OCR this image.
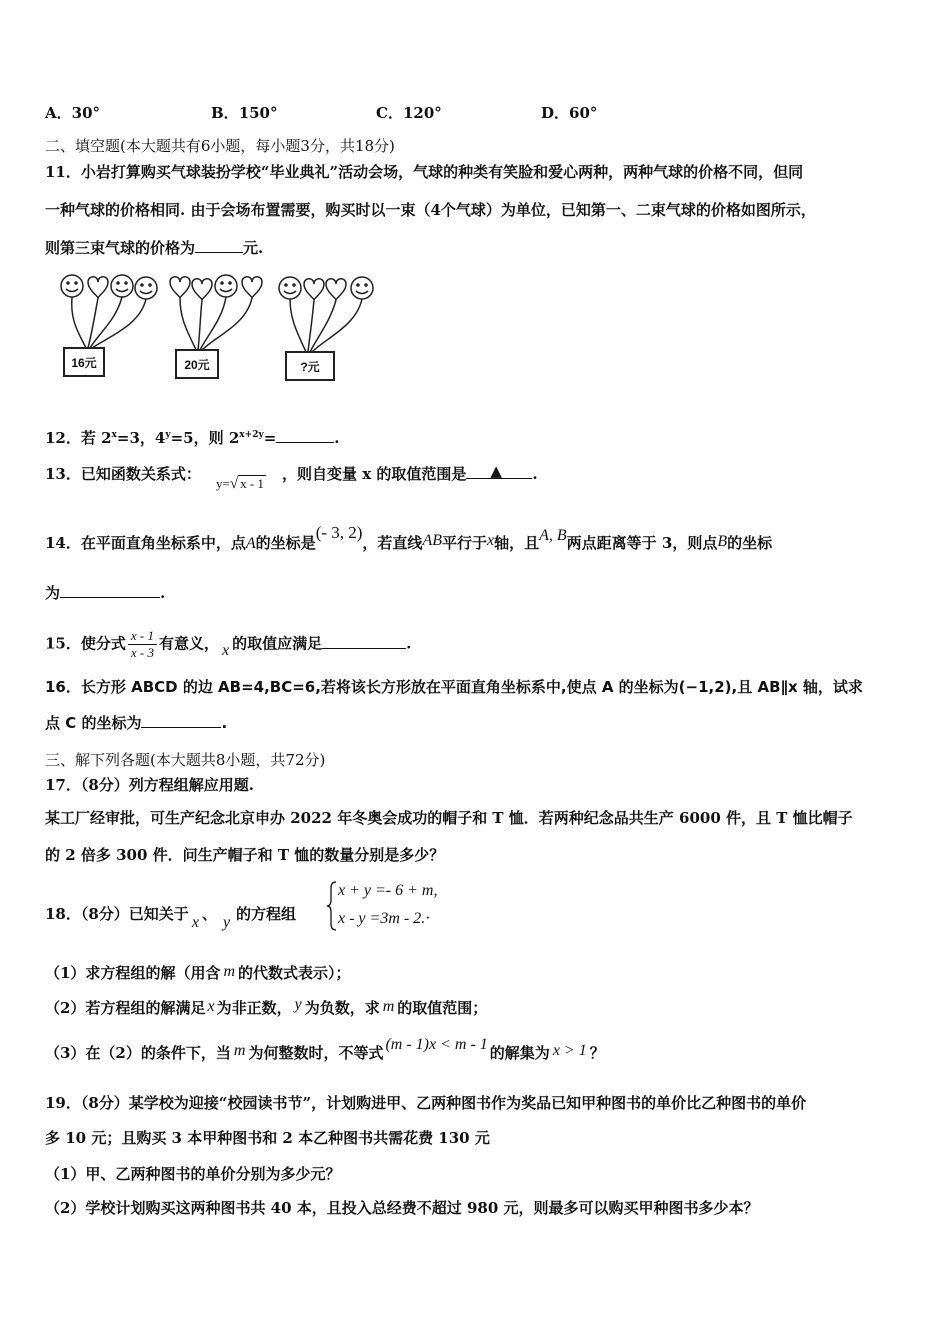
A．30°	B．150°	C．120°	D．60°
二、填空题(本大题共有6小题，每小题3分，共18分)
11．小岩打算购买气球装扮学校“毕业典礼”活动会场，气球的种类有笑脸和爱心两种，两种气球的价格不同，但同
一种气球的价格相同. 由于会场布置需要，购买时以一束（4个气球）为单位，已知第一、二束气球的价格如图所示，
则第三束气球的价格为	元.
16元	20元	?元
12．若 $2^x=3$，$4^y=5$，则 $2^{x+2y}=$	.
13．已知函数关系式：
y=√ x - 1
，则自变量 x 的取值范围是 ▲ .
14．在平面直角坐标系中，点A的坐标是(- 3, 2)，若直线AB平行于x轴，且A, B两点距离等于 3，则点B的坐标
为	.
15．使分式 $\frac{x - 1}{x - 3}$ 有意义， x 的取值应满足	.
16．长方形 ABCD 的边 AB=4,BC=6,若将该长方形放在平面直角坐标系中,使点 A 的坐标为(−1,2),且 AB∥x 轴，试求
点 C 的坐标为	.
三、解下列各题(本大题共8小题，共72分)
17．（8分）列方程组解应用题.
某工厂经审批，可生产纪念北京申办 2022 年冬奥会成功的帽子和 T 恤．若两种纪念品共生产 6000 件，且 T 恤比帽子
的 2 倍多 300 件．问生产帽子和 T 恤的数量分别是多少？
18．（8分）已知关于 x 、 y 的方程组
x + y =- 6 + m,
x - y =3m - 2.·
（1）求方程组的解（用含 m 的代数式表示）；
（2）若方程组的解满足 x 为非正数， y 为负数，求 m 的取值范围；
（3）在（2）的条件下，当 m 为何整数时，不等式 (m - 1)x < m - 1 的解集为 x > 1 ？
19．（8分）某学校为迎接“校园读书节”，计划购进甲、乙两种图书作为奖品已知甲种图书的单价比乙种图书的单价
多 10 元；且购买 3 本甲种图书和 2 本乙种图书共需花费 130 元
（1）甲、乙两种图书的单价分别为多少元？
（2）学校计划购买这两种图书共 40 本，且投入总经费不超过 980 元，则最多可以购买甲种图书多少本？
